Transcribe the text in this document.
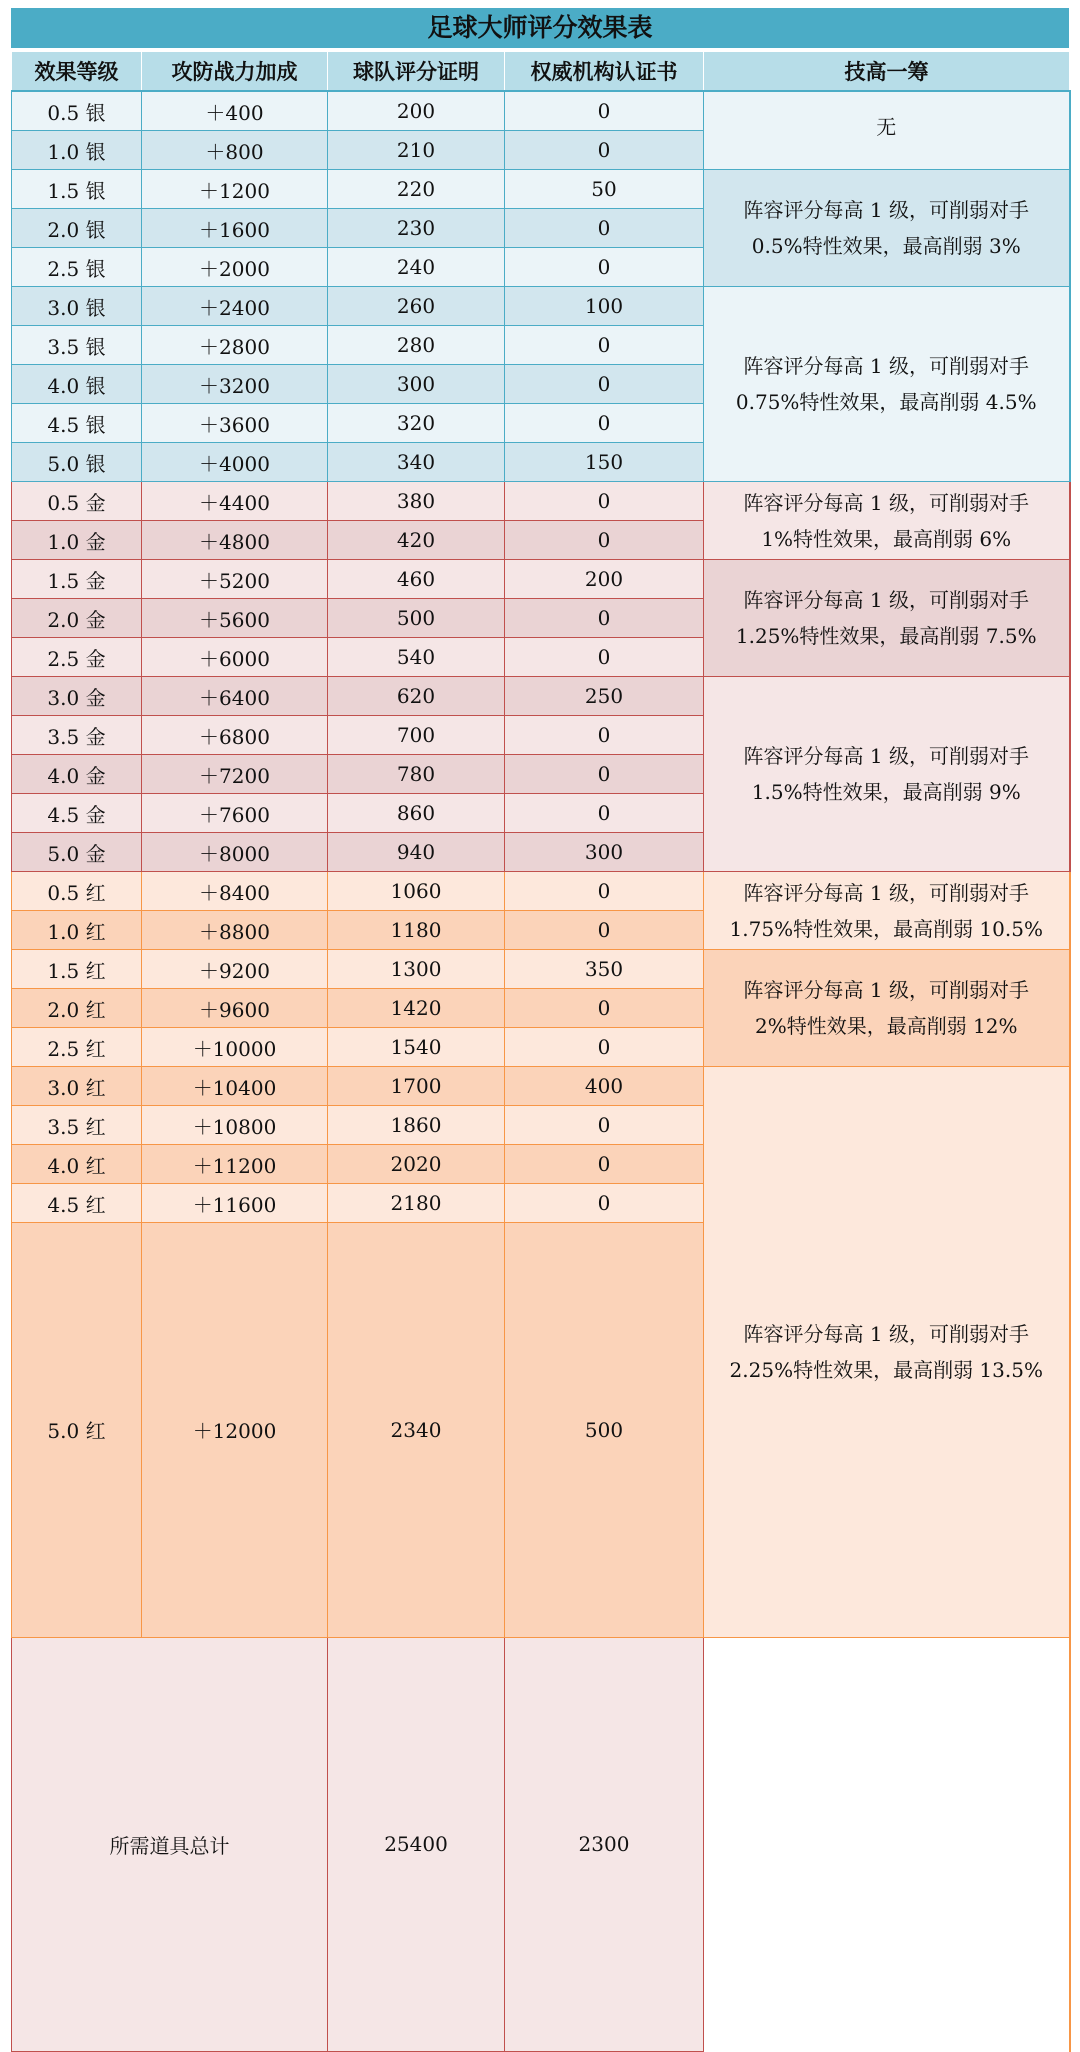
足球大师评分效果表
效果等级	攻防战力加成	球队评分证明	权威机构认证书	技高一筹	
0.5 银	＋400	200	0	无	

1.0 银	＋800	210	0		
1.5 银	＋1200	220	50	阵容评分每高 1 级，可削弱对手
0.5%特性效果，最高削弱 3%	

2.0 银	＋1600	230	0		
2.5 银	＋2000	240	0		
3.0 银	＋2400	260	100	阵容评分每高 1 级，可削弱对手
0.75%特性效果，最高削弱 4.5%	

3.5 银	＋2800	280	0		
4.0 银	＋3200	300	0		
4.5 银	＋3600	320	0		
5.0 银	＋4000	340	150		
0.5 金	＋4400	380	0	阵容评分每高 1 级，可削弱对手
1%特性效果，最高削弱 6%	

1.0 金	＋4800	420	0		
1.5 金	＋5200	460	200	阵容评分每高 1 级，可削弱对手
1.25%特性效果，最高削弱 7.5%	

2.0 金	＋5600	500	0		
2.5 金	＋6000	540	0		
3.0 金	＋6400	620	250	阵容评分每高 1 级，可削弱对手
1.5%特性效果，最高削弱 9%	

3.5 金	＋6800	700	0		
4.0 金	＋7200	780	0		
4.5 金	＋7600	860	0		
5.0 金	＋8000	940	300		
0.5 红	＋8400	1060	0	阵容评分每高 1 级，可削弱对手
1.75%特性效果，最高削弱 10.5%	

1.0 红	＋8800	1180	0		
1.5 红	＋9200	1300	350	阵容评分每高 1 级，可削弱对手
2%特性效果，最高削弱 12%	

2.0 红	＋9600	1420	0		
2.5 红	＋10000	1540	0		
3.0 红	＋10400	1700	400	阵容评分每高 1 级，可削弱对手
2.25%特性效果，最高削弱 13.5%	

3.5 红	＋10800	1860	0		
4.0 红	＋11200	2020	0		
4.5 红	＋11600	2180	0		
5.0 红	＋12000	2340	500	

所需道具总计		25400	2300		
